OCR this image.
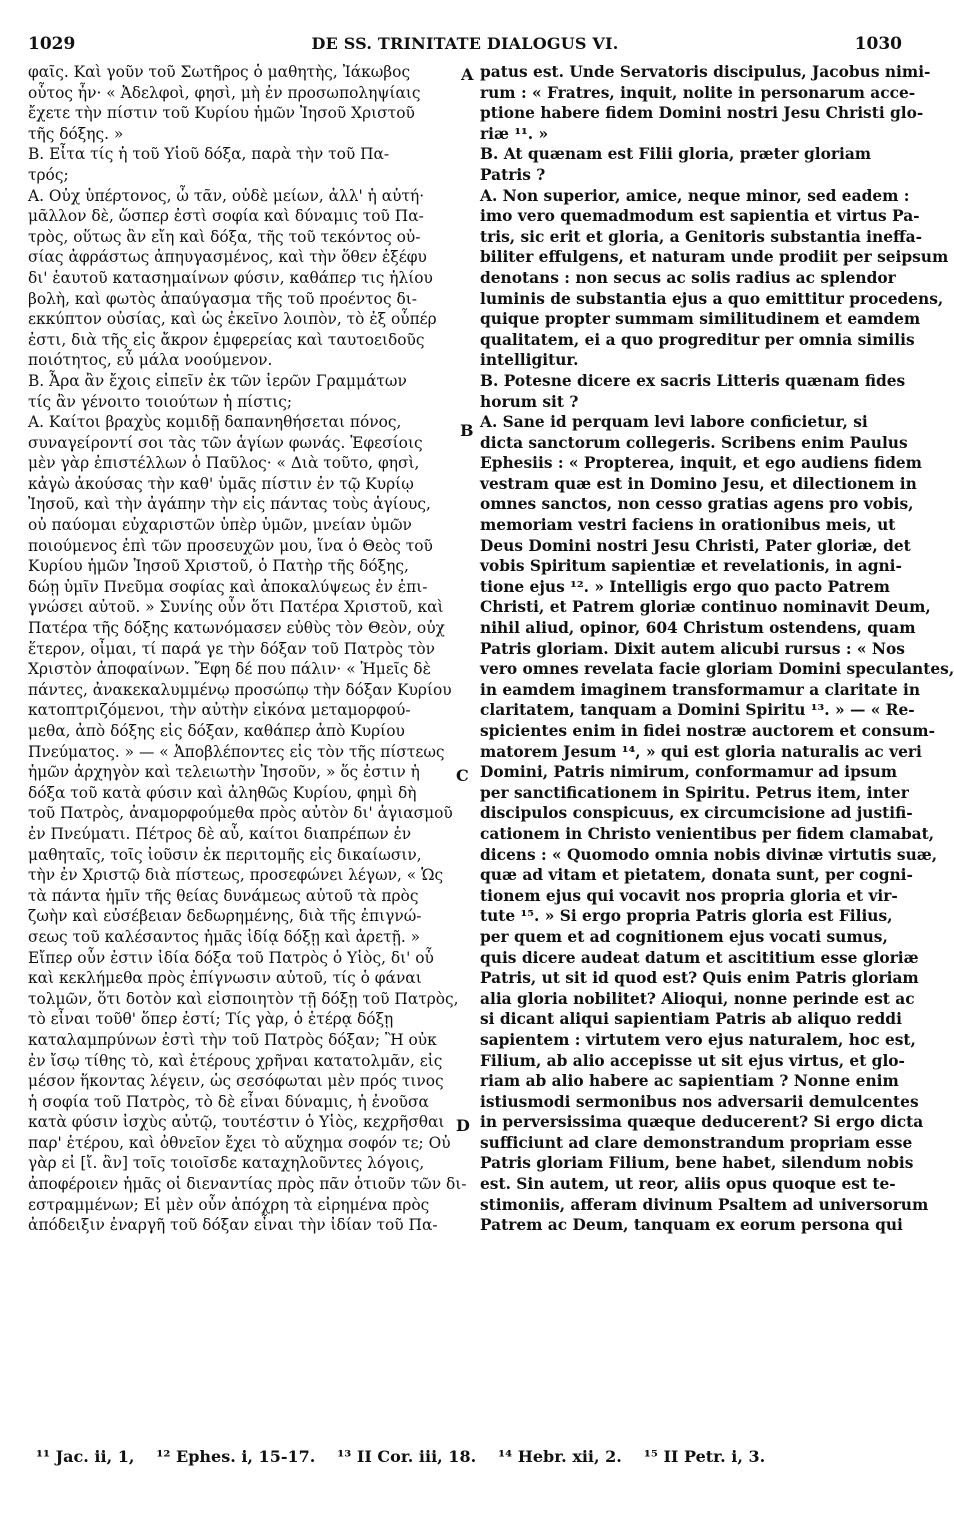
1029	DE SS. TRINITATE DIALOGUS VI.	1030
φαῖς. Καὶ γοῦν τοῦ Σωτῆρος ὁ μαθητὴς, Ἰάκωβος
οὗτος ἦν· « Ἀδελφοὶ, φησὶ, μὴ ἐν προσωποληψίαις
ἔχετε τὴν πίστιν τοῦ Κυρίου ἡμῶν Ἰησοῦ Χριστοῦ
τῆς δόξης. »
Β. Εἶτα τίς ἡ τοῦ Υἱοῦ δόξα, παρὰ τὴν τοῦ Πα-
τρός;
Α. Οὐχ ὑπέρτονος, ὦ τᾶν, οὐδὲ μείων, ἀλλ' ἡ αὐτή·
μᾶλλον δὲ, ὥσπερ ἐστὶ σοφία καὶ δύναμις τοῦ Πα-
τρὸς, οὕτως ἂν εἴη καὶ δόξα, τῆς τοῦ τεκόντος οὐ-
σίας ἀφράστως ἀπηυγασμένος, καὶ τὴν ὅθεν ἐξέφυ
δι' ἑαυτοῦ κατασημαίνων φύσιν, καθάπερ τις ἡλίου
βολὴ, καὶ φωτὸς ἀπαύγασμα τῆς τοῦ προέντος δι-
εκκύπτον οὐσίας, καὶ ὡς ἐκεῖνο λοιπὸν, τὸ ἐξ οὗπέρ
ἐστι, διὰ τῆς εἰς ἄκρον ἐμφερείας καὶ ταυτοειδοῦς
ποιότητος, εὖ μάλα νοούμενον.
Β. Ἆρα ἂν ἔχοις εἰπεῖν ἐκ τῶν ἱερῶν Γραμμάτων
τίς ἂν γένοιτο τοιούτων ἡ πίστις;
Α. Καίτοι βραχὺς κομιδῇ δαπανηθήσεται πόνος,
συναγείροντί σοι τὰς τῶν ἁγίων φωνάς. Ἐφεσίοις
μὲν γὰρ ἐπιστέλλων ὁ Παῦλος· « Διὰ τοῦτο, φησὶ,
κἀγὼ ἀκούσας τὴν καθ' ὑμᾶς πίστιν ἐν τῷ Κυρίῳ
Ἰησοῦ, καὶ τὴν ἀγάπην τὴν εἰς πάντας τοὺς ἁγίους,
οὐ παύομαι εὐχαριστῶν ὑπὲρ ὑμῶν, μνείαν ὑμῶν
ποιούμενος ἐπὶ τῶν προσευχῶν μου, ἵνα ὁ Θεὸς τοῦ
Κυρίου ἡμῶν Ἰησοῦ Χριστοῦ, ὁ Πατὴρ τῆς δόξης,
δώῃ ὑμῖν Πνεῦμα σοφίας καὶ ἀποκαλύψεως ἐν ἐπι-
γνώσει αὐτοῦ. » Συνίης οὖν ὅτι Πατέρα Χριστοῦ, καὶ
Πατέρα τῆς δόξης κατωνόμασεν εὐθὺς τὸν Θεὸν, οὐχ
ἕτερον, οἶμαι, τί παρά γε τὴν δόξαν τοῦ Πατρὸς τὸν
Χριστὸν ἀποφαίνων. Ἔφη δέ που πάλιν· « Ἡμεῖς δὲ
πάντες, ἀνακεκαλυμμένῳ προσώπῳ τὴν δόξαν Κυρίου
κατοπτριζόμενοι, τὴν αὐτὴν εἰκόνα μεταμορφού-
μεθα, ἀπὸ δόξης εἰς δόξαν, καθάπερ ἀπὸ Κυρίου
Πνεύματος. » — « Ἀποβλέποντες εἰς τὸν τῆς πίστεως
ἡμῶν ἀρχηγὸν καὶ τελειωτὴν Ἰησοῦν, » ὅς ἐστιν ἡ
δόξα τοῦ κατὰ φύσιν καὶ ἀληθῶς Κυρίου, φημὶ δὴ
τοῦ Πατρὸς, ἀναμορφούμεθα πρὸς αὐτὸν δι' ἁγιασμοῦ
ἐν Πνεύματι. Πέτρος δὲ αὖ, καίτοι διαπρέπων ἐν
μαθηταῖς, τοῖς ἰοῦσιν ἐκ περιτομῆς εἰς δικαίωσιν,
τὴν ἐν Χριστῷ διὰ πίστεως, προσεφώνει λέγων, « Ὡς
τὰ πάντα ἡμῖν τῆς θείας δυνάμεως αὐτοῦ τὰ πρὸς
ζωὴν καὶ εὐσέβειαν δεδωρημένης, διὰ τῆς ἐπιγνώ-
σεως τοῦ καλέσαντος ἡμᾶς ἰδίᾳ δόξῃ καὶ ἀρετῇ. »
Εἴπερ οὖν ἐστιν ἰδία δόξα τοῦ Πατρὸς ὁ Υἱὸς, δι' οὗ
καὶ κεκλήμεθα πρὸς ἐπίγνωσιν αὐτοῦ, τίς ὁ φάναι
τολμῶν, ὅτι δοτὸν καὶ εἰσποιητὸν τῇ δόξῃ τοῦ Πατρὸς,
τὸ εἶναι τοῦθ' ὅπερ ἐστί; Τίς γὰρ, ὁ ἑτέρᾳ δόξῃ
καταλαμπρύνων ἐστὶ τὴν τοῦ Πατρὸς δόξαν; Ἢ οὐκ
ἐν ἴσῳ τίθης τὸ, καὶ ἑτέρους χρῆναι κατατολμᾶν, εἰς
μέσον ἥκοντας λέγειν, ὡς σεσόφωται μὲν πρός τινος
ἡ σοφία τοῦ Πατρὸς, τὸ δὲ εἶναι δύναμις, ἡ ἐνοῦσα
κατὰ φύσιν ἰσχὺς αὐτῷ, τουτέστιν ὁ Υἱὸς, κεχρῆσθαι
παρ' ἑτέρου, καὶ ὀθνεῖον ἔχει τὸ αὔχημα σοφόν τε; Οὐ
γὰρ εἰ [ἴ. ἂν] τοῖς τοιοῖσδε καταχηλοῦντες λόγοις,
ἀποφέροιεν ἡμᾶς οἱ διεναντίας πρὸς πᾶν ὁτιοῦν τῶν δι-
εστραμμένων; Εἰ μὲν οὖν ἀπόχρη τὰ εἰρημένα πρὸς
ἀπόδειξιν ἐναργῆ τοῦ δόξαν εἶναι τὴν ἰδίαν τοῦ Πα-
patus est. Unde Servatoris discipulus, Jacobus nimi-
rum : « Fratres, inquit, nolite in personarum acce-
ptione habere fidem Domini nostri Jesu Christi glo-
riæ ¹¹. »
B. At quænam est Filii gloria, præter gloriam
Patris ?
A. Non superior, amice, neque minor, sed eadem :
imo vero quemadmodum est sapientia et virtus Pa-
tris, sic erit et gloria, a Genitoris substantia ineffa-
biliter effulgens, et naturam unde prodiit per seipsum
denotans : non secus ac solis radius ac splendor
luminis de substantia ejus a quo emittitur procedens,
quique propter summam similitudinem et eamdem
qualitatem, ei a quo progreditur per omnia similis
intelligitur.
B. Potesne dicere ex sacris Litteris quænam fides
horum sit ?
A. Sane id perquam levi labore conficietur, si
dicta sanctorum collegeris. Scribens enim Paulus
Ephesiis : « Propterea, inquit, et ego audiens fidem
vestram quæ est in Domino Jesu, et dilectionem in
omnes sanctos, non cesso gratias agens pro vobis,
memoriam vestri faciens in orationibus meis, ut
Deus Domini nostri Jesu Christi, Pater gloriæ, det
vobis Spiritum sapientiæ et revelationis, in agni-
tione ejus ¹². » Intelligis ergo quo pacto Patrem
Christi, et Patrem gloriæ continuo nominavit Deum,
nihil aliud, opinor, 604 Christum ostendens, quam
Patris gloriam. Dixit autem alicubi rursus : « Nos
vero omnes revelata facie gloriam Domini speculantes,
in eamdem imaginem transformamur a claritate in
claritatem, tanquam a Domini Spiritu ¹³. » — « Re-
spicientes enim in fidei nostræ auctorem et consum-
matorem Jesum ¹⁴, » qui est gloria naturalis ac veri
Domini, Patris nimirum, conformamur ad ipsum
per sanctificationem in Spiritu. Petrus item, inter
discipulos conspicuus, ex circumcisione ad justifi-
cationem in Christo venientibus per fidem clamabat,
dicens : « Quomodo omnia nobis divinæ virtutis suæ,
quæ ad vitam et pietatem, donata sunt, per cogni-
tionem ejus qui vocavit nos propria gloria et vir-
tute ¹⁵. » Si ergo propria Patris gloria est Filius,
per quem et ad cognitionem ejus vocati sumus,
quis dicere audeat datum et ascititium esse gloriæ
Patris, ut sit id quod est? Quis enim Patris gloriam
alia gloria nobilitet? Alioqui, nonne perinde est ac
si dicant aliqui sapientiam Patris ab aliquo reddi
sapientem : virtutem vero ejus naturalem, hoc est,
Filium, ab alio accepisse ut sit ejus virtus, et glo-
riam ab alio habere ac sapientiam ? Nonne enim
istiusmodi sermonibus nos adversarii demulcentes
in perversissima quæque deducerent? Si ergo dicta
sufficiunt ad clare demonstrandum propriam esse
Patris gloriam Filium, bene habet, silendum nobis
est. Sin autem, ut reor, aliis opus quoque est te-
stimoniis, afferam divinum Psaltem ad universorum
Patrem ac Deum, tanquam ex eorum persona qui
A
B
C
D
¹¹ Jac. ii, 1, ¹² Ephes. i, 15-17. ¹³ II Cor. iii, 18. ¹⁴ Hebr. xii, 2. ¹⁵ II Petr. i, 3.
